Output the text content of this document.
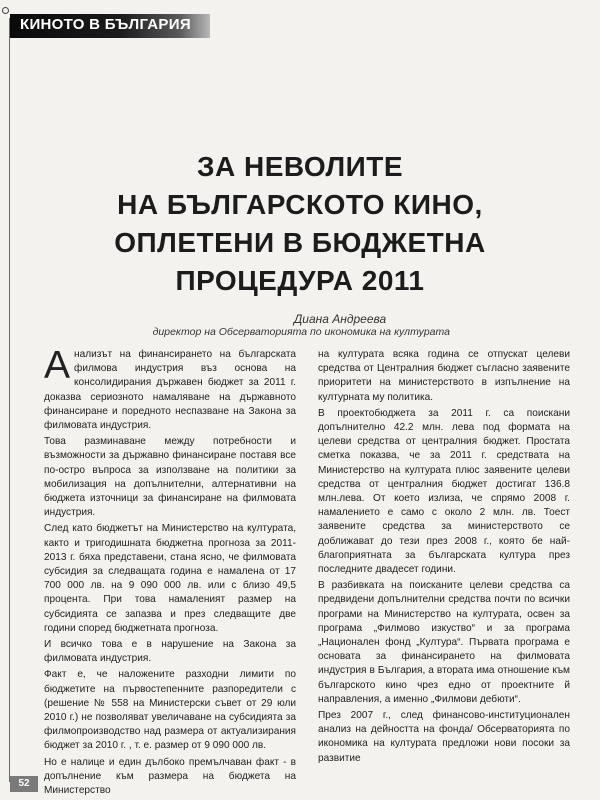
КИНОТО В БЪЛГАРИЯ
ЗА НЕВОЛИТЕ
НА БЪЛГАРСКОТО КИНО,
ОПЛЕТЕНИ В БЮДЖЕТНА
ПРОЦЕДУРА 2011
Диана Андреева
директор на Обсерваторията по икономика на културата

Анализът на финансирането на българската филмова индустрия въз основа на консолидирания държавен бюджет за 2011 г. доказва сериозното намаляване на държавното финансиране и поредното неспазване на Закона за филмовата индустрия.

Това разминаване между потребности и възможности за държавно финансиране поставя все по-остро въпроса за използване на политики за мобилизация на допълнителни, алтернативни на бюджета източници за финансиране на филмовата индустрия.

След като бюджетът на Министерство на културата, както и тригодишната бюджетна прогноза за 2011-2013 г. бяха представени, стана ясно, че филмовата субсидия за следващата година е намалена от 17 700 000 лв. на 9 090 000 лв. или с близо 49,5 процента. При това намаленият размер на субсидията се запазва и през следващите две години според бюджетната прогноза.

И всичко това е в нарушение на Закона за филмовата индустрия.

Факт е, че наложените разходни лимити по бюджетите на първостепенните разпоредители с (решение № 558 на Министерски съвет от 29 юли 2010 г.) не позволяват увеличаване на субсидията за филмопроизводство над размера от актуализирания бюджет за 2010 г. , т. е. размер от 9 090 000 лв.

Но е налице и един дълбоко премълчаван факт - в допълнение към размера на бюджета на Министерство

на културата всяка година се отпускат целеви средства от Централния бюджет съгласно заявените приоритети на министерството в изпълнение на културната му политика.

В проектобюджета за 2011 г. са поискани допълнително 42.2 млн. лева под формата на целеви средства от централния бюджет. Простата сметка показва, че за 2011 г. средствата на Министерство на културата плюс заявените целеви средства от централния бюджет достигат 136.8 млн.лева. От което излиза, че спрямо 2008 г. намалението е само с около 2 млн. лв. Тоест заявените средства за министерството се доближават до тези през 2008 г., която бе най-благоприятната за българската култура през последните двадесет години.

В разбивката на поисканите целеви средства са предвидени допълнителни средства почти по всички програми на Министерство на културата, освен за програма „Филмово изкуство“ и за програма „Национален фонд „Култура“. Първата програма е основата за финансирането на филмовата индустрия в България, а втората има отношение към българското кино чрез едно от проектните й направления, а именно „Филмови дебюти“.

През 2007 г., след финансово-институционален анализ на дейността на фонда/ Обсерваторията по икономика на културата предложи нови посоки за развитие

52
